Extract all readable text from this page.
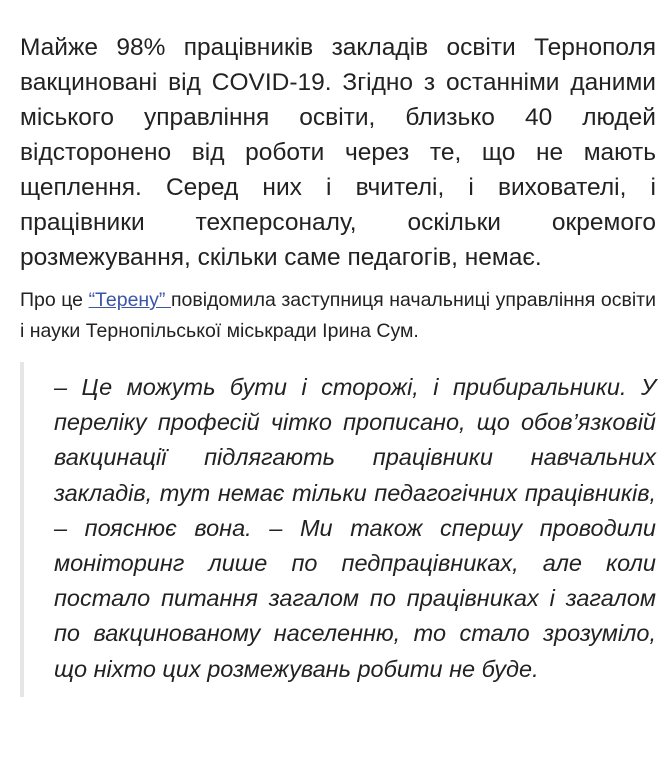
Майже 98% працівників закладів освіти Тернополя вакциновані від COVID-19. Згідно з останніми даними міського управління освіти, близько 40 людей відсторонено від роботи через те, що не мають щеплення. Серед них і вчителі, і вихователі, і працівники техперсоналу, оскільки окремого розмежування, скільки саме педагогів, немає.

Про це “Терену” повідомила заступниця начальниці управління освіти і науки Тернопільської міськради Ірина Сум.

– Це можуть бути і сторожі, і прибиральники. У переліку професій чітко прописано, що обов’язковій вакцинації підлягають працівники навчальних закладів, тут немає тільки педагогічних працівників, – пояснює вона. – Ми також спершу проводили моніторинг лише по педпрацівниках, але коли постало питання загалом по працівниках і загалом по вакцинованому населенню, то стало зрозуміло, що ніхто цих розмежувань робити не буде.
